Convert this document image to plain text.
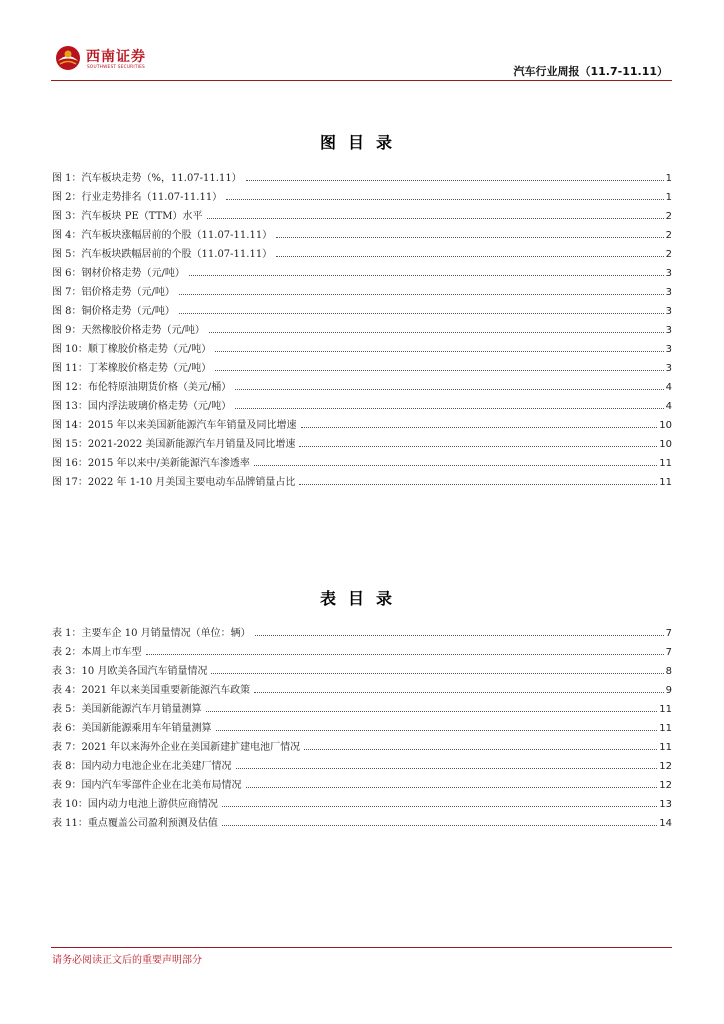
西南证券
SOUTHWEST SECURITIES	汽车行业周报（11.7-11.11）
图目录
图 1：汽车板块走势（%，11.07-11.11）	1
图 2：行业走势排名（11.07-11.11）	1
图 3：汽车板块 PE（TTM）水平	2
图 4：汽车板块涨幅居前的个股（11.07-11.11）	2
图 5：汽车板块跌幅居前的个股（11.07-11.11）	2
图 6：钢材价格走势（元/吨）	3
图 7：铝价格走势（元/吨）	3
图 8：铜价格走势（元/吨）	3
图 9：天然橡胶价格走势（元/吨）	3
图 10：顺丁橡胶价格走势（元/吨）	3
图 11：丁苯橡胶价格走势（元/吨）	3
图 12：布伦特原油期货价格（美元/桶）	4
图 13：国内浮法玻璃价格走势（元/吨）	4
图 14：2015 年以来美国新能源汽车年销量及同比增速	10
图 15：2021-2022 美国新能源汽车月销量及同比增速	10
图 16：2015 年以来中/美新能源汽车渗透率	11
图 17：2022 年 1-10 月美国主要电动车品牌销量占比	11
表目录
表 1：主要车企 10 月销量情况（单位：辆）	7
表 2：本周上市车型	7
表 3：10 月欧美各国汽车销量情况	8
表 4：2021 年以来美国重要新能源汽车政策	9
表 5：美国新能源汽车月销量测算	11
表 6：美国新能源乘用车年销量测算	11
表 7：2021 年以来海外企业在美国新建扩建电池厂情况	11
表 8：国内动力电池企业在北美建厂情况	12
表 9：国内汽车零部件企业在北美布局情况	12
表 10：国内动力电池上游供应商情况	13
表 11：重点覆盖公司盈利预测及估值	14
请务必阅读正文后的重要声明部分
